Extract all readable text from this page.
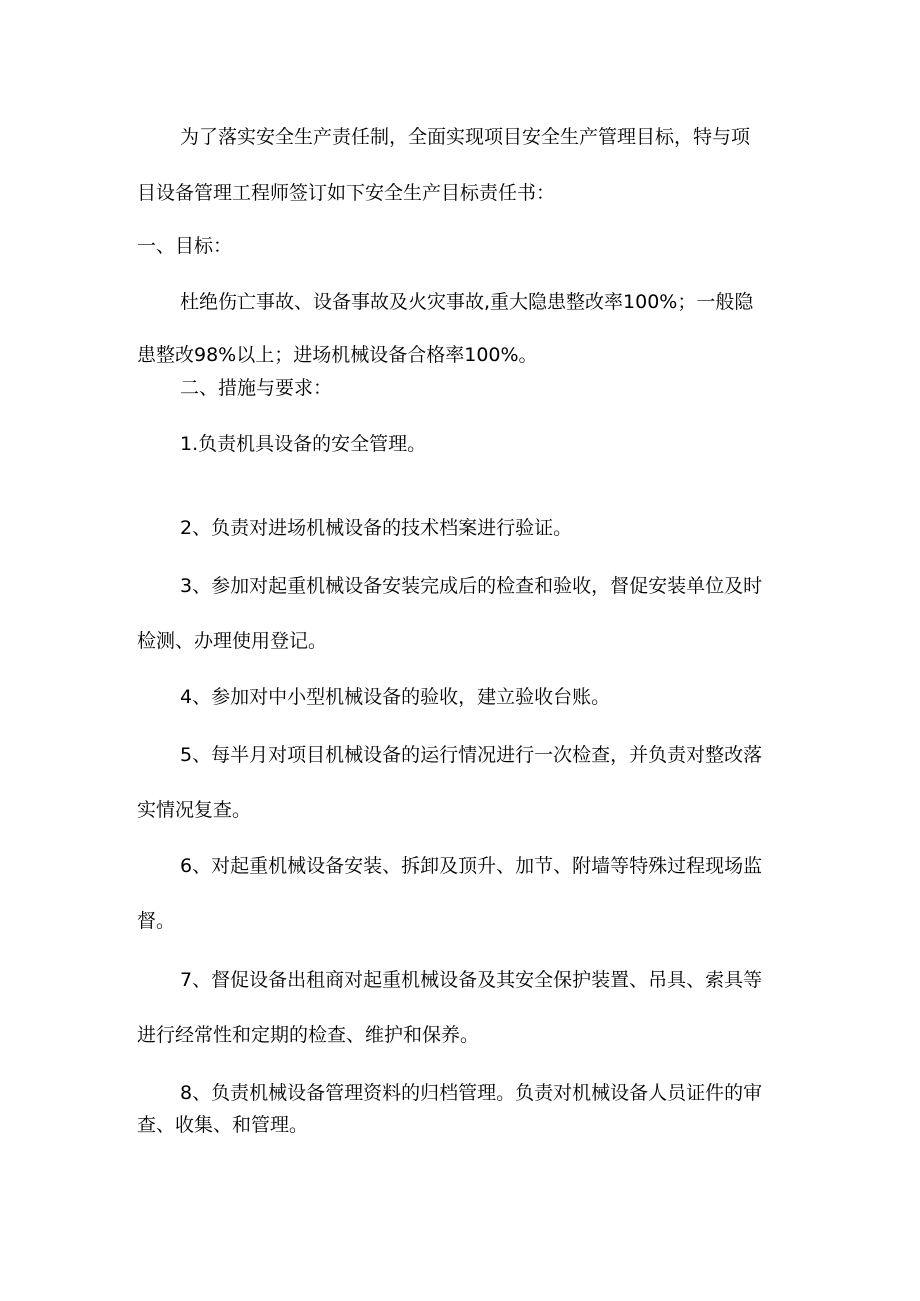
为了落实安全生产责任制，全面实现项目安全生产管理目标，特与项
目设备管理工程师签订如下安全生产目标责任书：
一、目标：
杜绝伤亡事故、设备事故及火灾事故,重大隐患整改率100%；一般隐
患整改98%以上；进场机械设备合格率100%。
二、措施与要求：
1.负责机具设备的安全管理。
2、负责对进场机械设备的技术档案进行验证。
3、参加对起重机械设备安装完成后的检查和验收，督促安装单位及时
检测、办理使用登记。
4、参加对中小型机械设备的验收，建立验收台账。
5、每半月对项目机械设备的运行情况进行一次检查，并负责对整改落
实情况复查。
6、对起重机械设备安装、拆卸及顶升、加节、附墙等特殊过程现场监
督。
7、督促设备出租商对起重机械设备及其安全保护装置、吊具、索具等
进行经常性和定期的检查、维护和保养。
8、负责机械设备管理资料的归档管理。负责对机械设备人员证件的审
查、收集、和管理。
